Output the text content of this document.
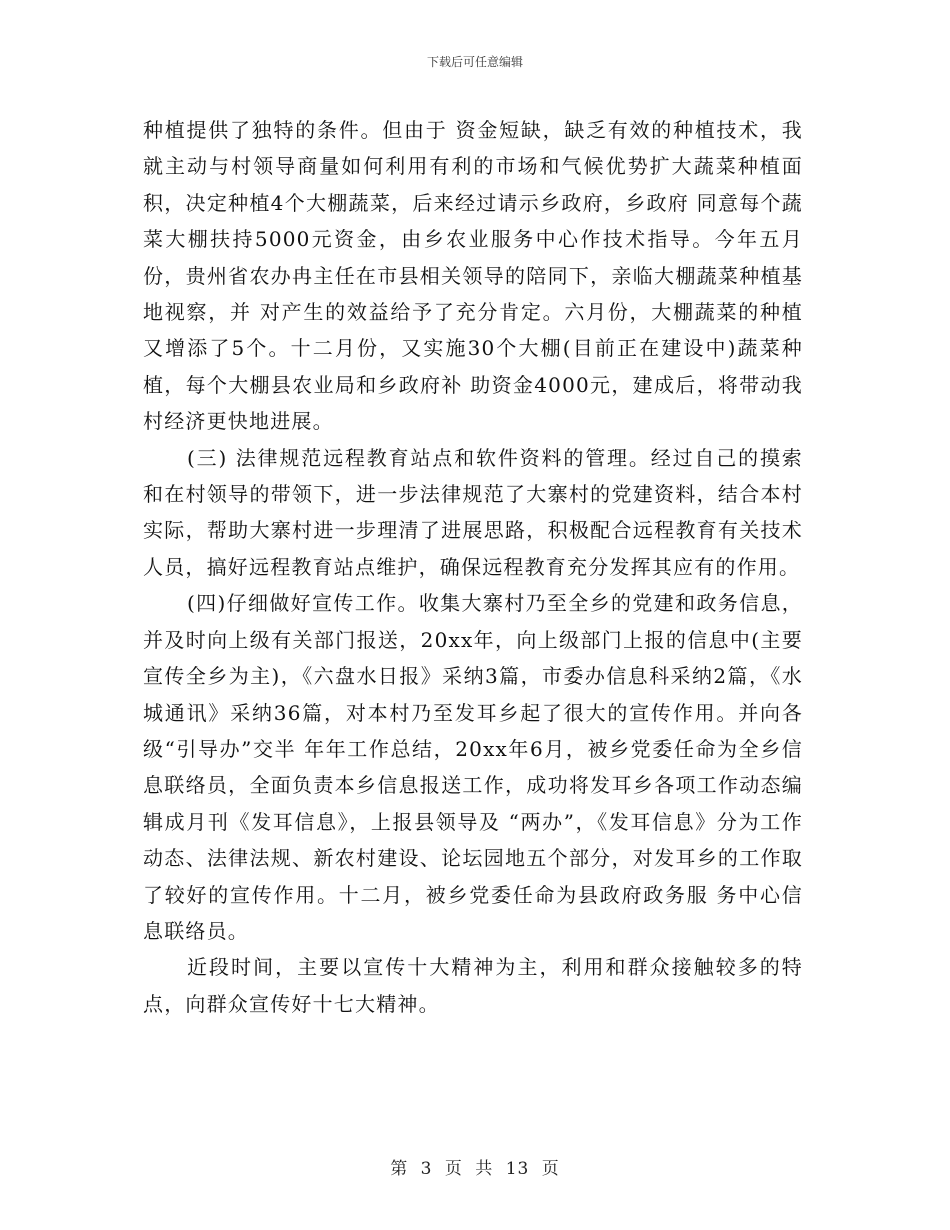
下载后可任意编辑

种植提供了独特的条件。但由于 资金短缺，缺乏有效的种植技术，我就主动与村领导商量如何利用有利的市场和气候优势扩大蔬菜种植面积，决定种植4个大棚蔬菜，后来经过请示乡政府，乡政府 同意每个蔬菜大棚扶持5000元资金，由乡农业服务中心作技术指导。今年五月份，贵州省农办冉主任在市县相关领导的陪同下，亲临大棚蔬菜种植基地视察，并 对产生的效益给予了充分肯定。六月份，大棚蔬菜的种植又增添了5个。十二月份，又实施30个大棚(目前正在建设中)蔬菜种植，每个大棚县农业局和乡政府补 助资金4000元，建成后，将带动我村经济更快地进展。

(三) 法律规范远程教育站点和软件资料的管理。经过自己的摸索和在村领导的带领下，进一步法律规范了大寨村的党建资料，结合本村实际，帮助大寨村进一步理清了进展思路，积极配合远程教育有关技术人员，搞好远程教育站点维护，确保远程教育充分发挥其应有的作用。

(四)仔细做好宣传工作。收集大寨村乃至全乡的党建和政务信息，并及时向上级有关部门报送，20xx年，向上级部门上报的信息中(主要宣传全乡为主)，《六盘水日报》采纳3篇，市委办信息科采纳2篇，《水城通讯》采纳36篇，对本村乃至发耳乡起了很大的宣传作用。并向各级“引导办”交半 年年工作总结，20xx年6月，被乡党委任命为全乡信息联络员，全面负责本乡信息报送工作，成功将发耳乡各项工作动态编辑成月刊《发耳信息》，上报县领导及 “两办”，《发耳信息》分为工作动态、法律法规、新农村建设、论坛园地五个部分，对发耳乡的工作取了较好的宣传作用。十二月，被乡党委任命为县政府政务服 务中心信息联络员。

近段时间，主要以宣传十大精神为主，利用和群众接触较多的特点，向群众宣传好十七大精神。

第 3 页 共 13 页
